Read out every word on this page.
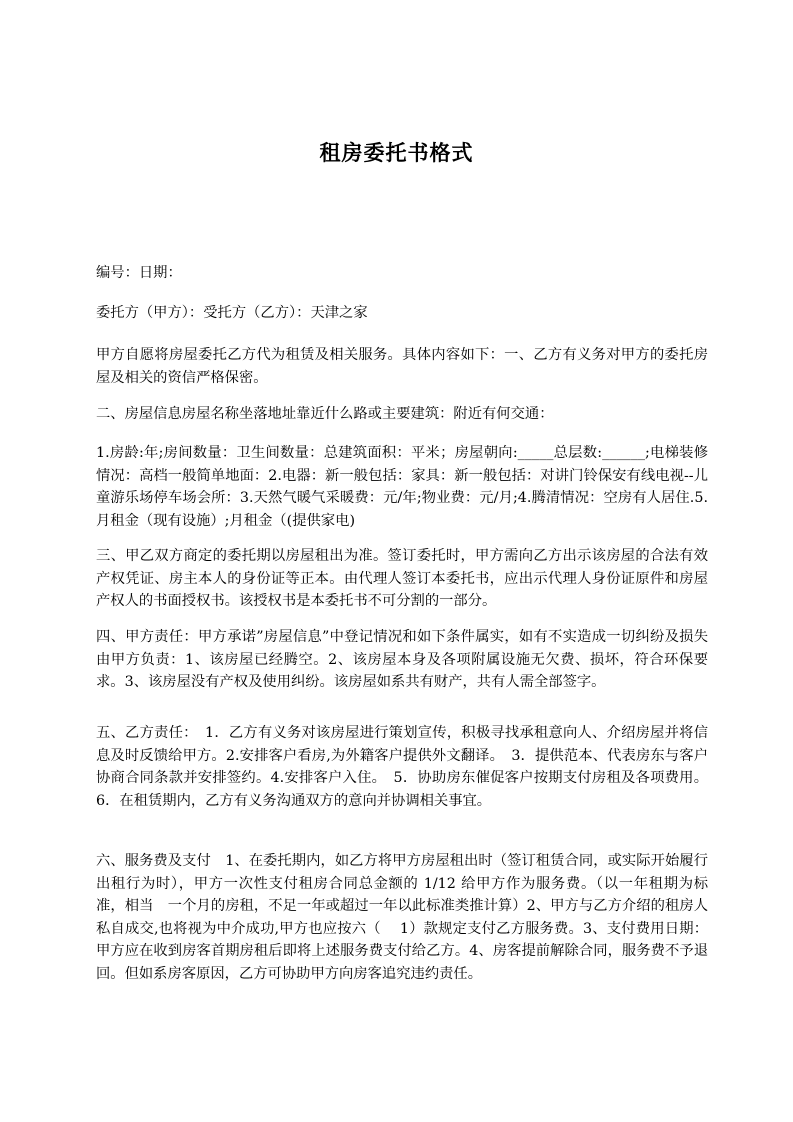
租房委托书格式

编号：日期：

委托方（甲方）：受托方（乙方）：天津之家

甲方自愿将房屋委托乙方代为租赁及相关服务。具体内容如下：一、乙方有义务对甲方的委托房屋及相关的资信严格保密。

二、房屋信息房屋名称坐落地址靠近什么路或主要建筑：附近有何交通：

1.房龄:年;房间数量：卫生间数量：总建筑面积：平米；房屋朝向:_____总层数:______;电梯装修情况：高档一般简单地面：2.电器：新一般包括：家具：新一般包括：对讲门铃保安有线电视--儿童游乐场停车场会所：3.天然气暖气采暖费：元/年;物业费：元/月;4.腾清情况：空房有人居住.5.月租金（现有设施）;月租金（(提供家电)

三、甲乙双方商定的委托期以房屋租出为准。签订委托时，甲方需向乙方出示该房屋的合法有效产权凭证、房主本人的身份证等正本。由代理人签订本委托书，应出示代理人身份证原件和房屋产权人的书面授权书。该授权书是本委托书不可分割的一部分。

四、甲方责任：甲方承诺”房屋信息”中登记情况和如下条件属实，如有不实造成一切纠纷及损失由甲方负责：1、该房屋已经腾空。2、该房屋本身及各项附属设施无欠费、损坏，符合环保要求。3、该房屋没有产权及使用纠纷。该房屋如系共有财产，共有人需全部签字。

五、乙方责任：　1．乙方有义务对该房屋进行策划宣传，积极寻找承租意向人、介绍房屋并将信息及时反馈给甲方。2.安排客户看房,为外籍客户提供外文翻译。　3．提供范本、代表房东与客户协商合同条款并安排签约。4.安排客户入住。　5．协助房东催促客户按期支付房租及各项费用。6．在租赁期内，乙方有义务沟通双方的意向并协调相关事宜。

六、服务费及支付　1、在委托期内，如乙方将甲方房屋租出时（签订租赁合同，或实际开始履行出租行为时），甲方一次性支付租房合同总金额的 1/12 给甲方作为服务费。（以一年租期为标准，相当　一个月的房租，不足一年或超过一年以此标准类推计算）2、甲方与乙方介绍的租房人私自成交,也将视为中介成功,甲方也应按六（　 1）款规定支付乙方服务费。3、支付费用日期：甲方应在收到房客首期房租后即将上述服务费支付给乙方。4、房客提前解除合同，服务费不予退回。但如系房客原因，乙方可协助甲方向房客追究违约责任。
